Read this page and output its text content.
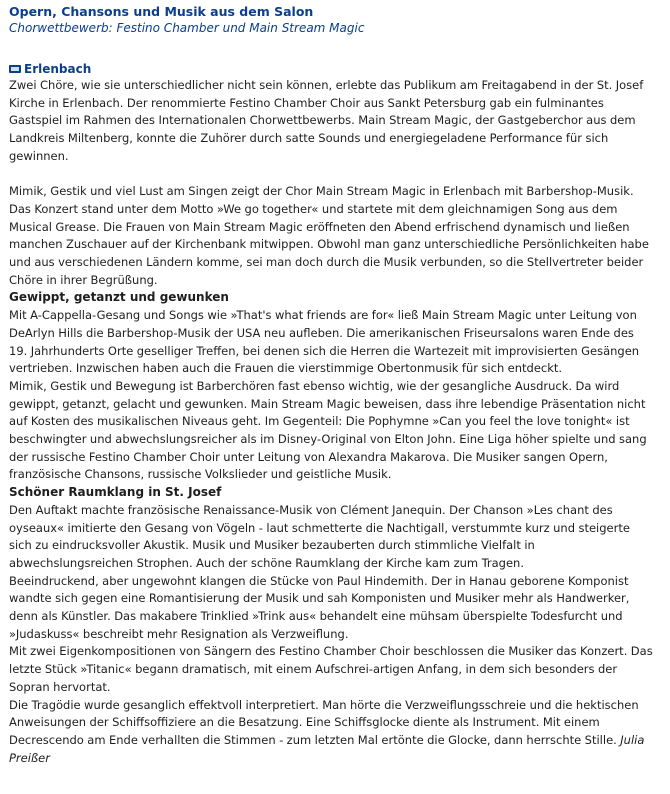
Opern, Chansons und Musik aus dem Salon

Chorwettbewerb: Festino Chamber und Main Stream Magic

Erlenbach

Zwei Chöre, wie sie unterschiedlicher nicht sein können, erlebte das Publikum am Freitagabend in der St. Josef Kirche in Erlenbach. Der renommierte Festino Chamber Choir aus Sankt Petersburg gab ein fulminantes Gastspiel im Rahmen des Internationalen Chorwettbewerbs. Main Stream Magic, der Gastgeberchor aus dem Landkreis Miltenberg, konnte die Zuhörer durch satte Sounds und energiegeladene Performance für sich gewinnen.

Mimik, Gestik und viel Lust am Singen zeigt der Chor Main Stream Magic in Erlenbach mit Barbershop-Musik. Das Konzert stand unter dem Motto »We go together« und startete mit dem gleichnamigen Song aus dem Musical Grease. Die Frauen von Main Stream Magic eröffneten den Abend erfrischend dynamisch und ließen manchen Zuschauer auf der Kirchenbank mitwippen. Obwohl man ganz unterschiedliche Persönlichkeiten habe und aus verschiedenen Ländern komme, sei man doch durch die Musik verbunden, so die Stellvertreter beider Chöre in ihrer Begrüßung.

Gewippt, getanzt und gewunken

Mit A-Cappella-Gesang und Songs wie »That's what friends are for« ließ Main Stream Magic unter Leitung von DeArlyn Hills die Barbershop-Musik der USA neu aufleben. Die amerikanischen Friseursalons waren Ende des 19. Jahrhunderts Orte geselliger Treffen, bei denen sich die Herren die Wartezeit mit improvisierten Gesängen vertrieben. Inzwischen haben auch die Frauen die vierstimmige Obertonmusik für sich entdeckt.

Mimik, Gestik und Bewegung ist Barberchören fast ebenso wichtig, wie der gesangliche Ausdruck. Da wird gewippt, getanzt, gelacht und gewunken. Main Stream Magic beweisen, dass ihre lebendige Präsentation nicht auf Kosten des musikalischen Niveaus geht. Im Gegenteil: Die Pophymne »Can you feel the love tonight« ist beschwingter und abwechslungsreicher als im Disney-Original von Elton John. Eine Liga höher spielte und sang der russische Festino Chamber Choir unter Leitung von Alexandra Makarova. Die Musiker sangen Opern, französische Chansons, russische Volkslieder und geistliche Musik.

Schöner Raumklang in St. Josef

Den Auftakt machte französische Renaissance-Musik von Clément Janequin. Der Chanson »Les chant des oyseaux« imitierte den Gesang von Vögeln - laut schmetterte die Nachtigall, verstummte kurz und steigerte sich zu eindrucksvoller Akustik. Musik und Musiker bezauberten durch stimmliche Vielfalt in abwechslungsreichen Strophen. Auch der schöne Raumklang der Kirche kam zum Tragen.

Beeindruckend, aber ungewohnt klangen die Stücke von Paul Hindemith. Der in Hanau geborene Komponist wandte sich gegen eine Romantisierung der Musik und sah Komponisten und Musiker mehr als Handwerker, denn als Künstler. Das makabere Trinklied »Trink aus« behandelt eine mühsam überspielte Todesfurcht und »Judaskuss« beschreibt mehr Resignation als Verzweiflung.

Mit zwei Eigenkompositionen von Sängern des Festino Chamber Choir beschlossen die Musiker das Konzert. Das letzte Stück »Titanic« begann dramatisch, mit einem Aufschrei-artigen Anfang, in dem sich besonders der Sopran hervortat.

Die Tragödie wurde gesanglich effektvoll interpretiert. Man hörte die Verzweiflungsschreie und die hektischen Anweisungen der Schiffsoffiziere an die Besatzung. Eine Schiffsglocke diente als Instrument. Mit einem Decrescendo am Ende verhallten die Stimmen - zum letzten Mal ertönte die Glocke, dann herrschte Stille. Julia Preißer
